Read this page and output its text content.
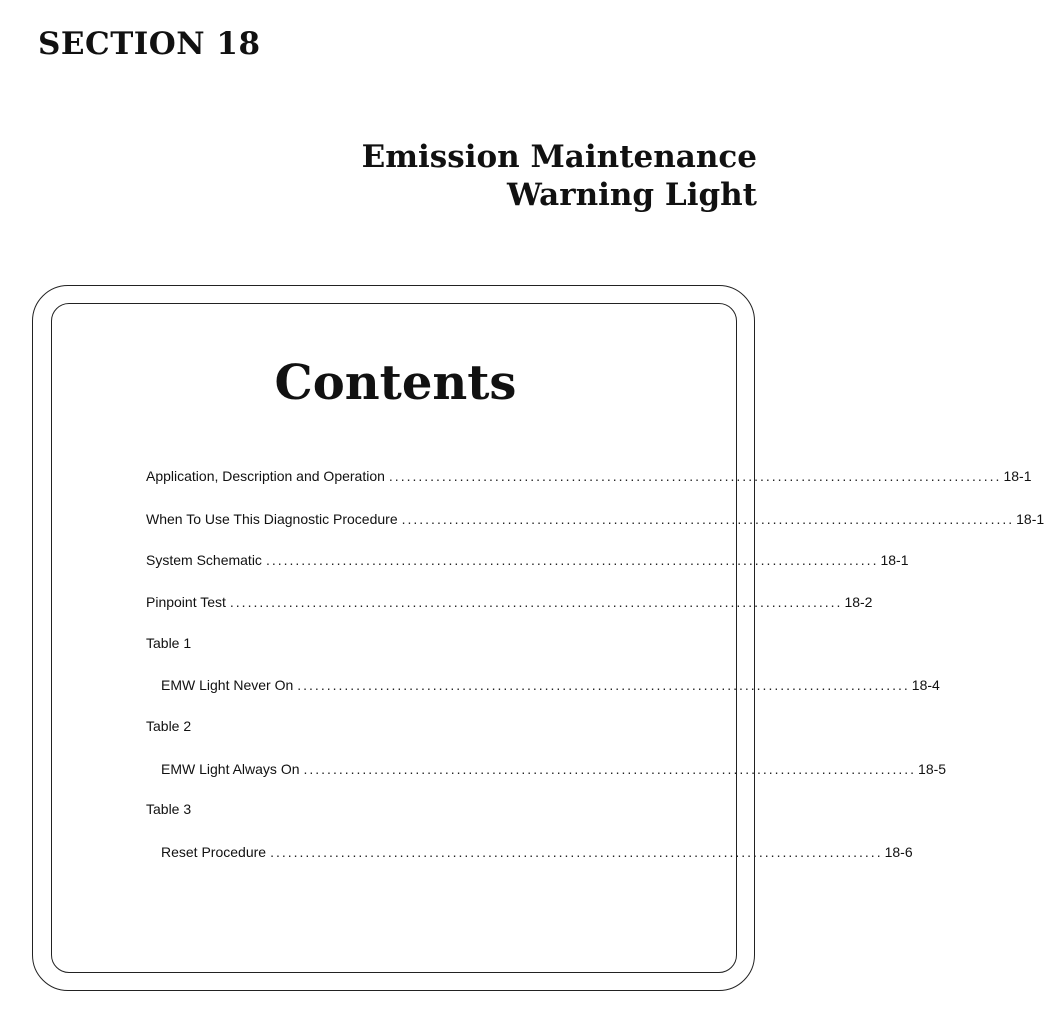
SECTION 18
Emission Maintenance
Warning Light
Contents
Application, Description and Operation ........................................................................................................ 18-1
When To Use This Diagnostic Procedure ........................................................................................................ 18-1
System Schematic ........................................................................................................ 18-1
Pinpoint Test ........................................................................................................ 18-2

Table 1

EMW Light Never On ........................................................................................................ 18-4

Table 2

EMW Light Always On ........................................................................................................ 18-5

Table 3

Reset Procedure ........................................................................................................ 18-6
